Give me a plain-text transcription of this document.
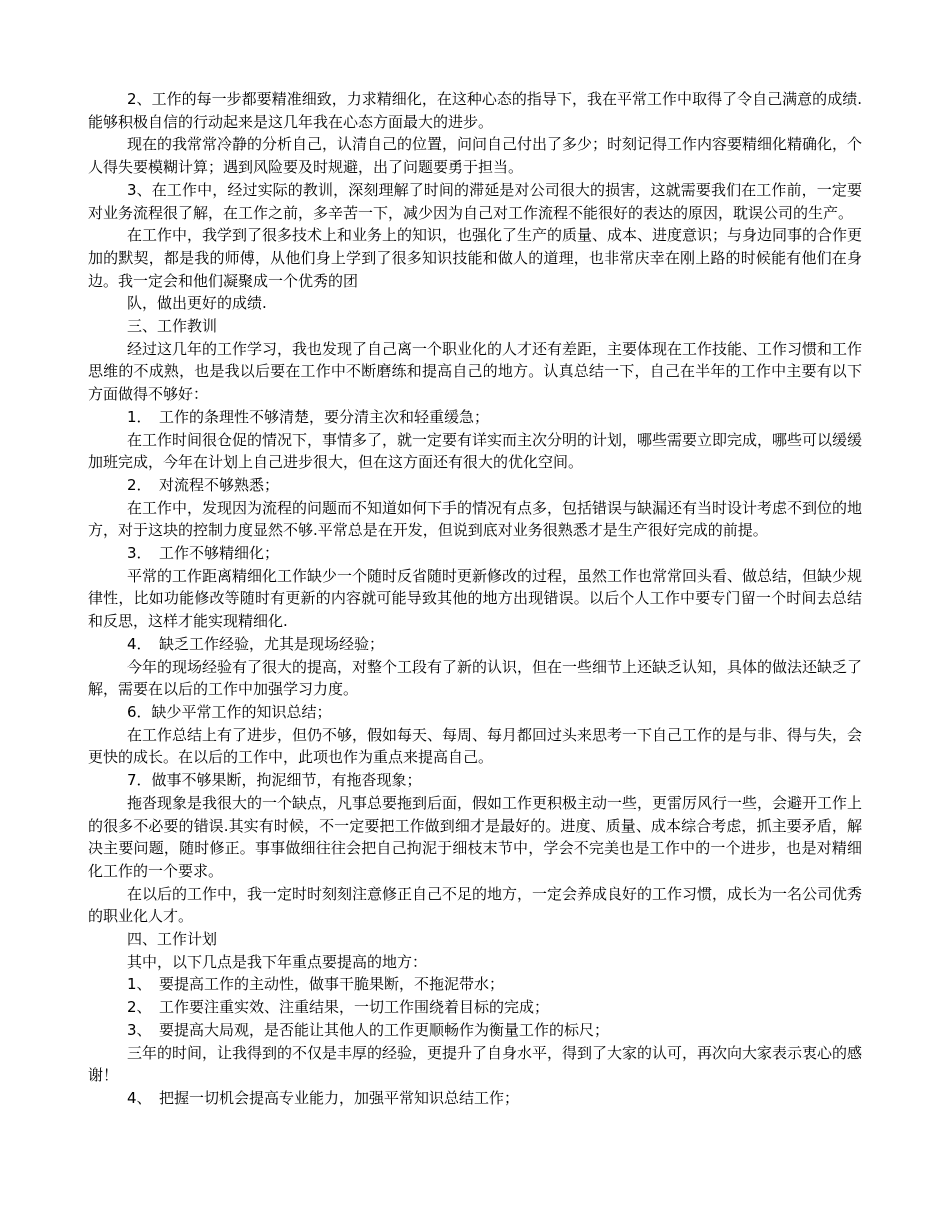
2、工作的每一步都要精准细致，力求精细化，在这种心态的指导下，我在平常工作中取得了令自己满意的成绩.能够积极自信的行动起来是这几年我在心态方面最大的进步。

现在的我常常冷静的分析自己，认清自己的位置，问问自己付出了多少；时刻记得工作内容要精细化精确化，个人得失要模糊计算；遇到风险要及时规避，出了问题要勇于担当。

3、在工作中，经过实际的教训，深刻理解了时间的滞延是对公司很大的损害，这就需要我们在工作前，一定要对业务流程很了解，在工作之前，多辛苦一下，减少因为自己对工作流程不能很好的表达的原因，耽误公司的生产。

在工作中，我学到了很多技术上和业务上的知识，也强化了生产的质量、成本、进度意识；与身边同事的合作更加的默契，都是我的师傅，从他们身上学到了很多知识技能和做人的道理，也非常庆幸在刚上路的时候能有他们在身边。我一定会和他们凝聚成一个优秀的团

队，做出更好的成绩.

三、工作教训

经过这几年的工作学习，我也发现了自己离一个职业化的人才还有差距，主要体现在工作技能、工作习惯和工作思维的不成熟，也是我以后要在工作中不断磨练和提高自己的地方。认真总结一下，自己在半年的工作中主要有以下方面做得不够好：

1．　工作的条理性不够清楚，要分清主次和轻重缓急；

在工作时间很仓促的情况下，事情多了，就一定要有详实而主次分明的计划，哪些需要立即完成，哪些可以缓缓加班完成，今年在计划上自己进步很大，但在这方面还有很大的优化空间。

2．　对流程不够熟悉；

在工作中，发现因为流程的问题而不知道如何下手的情况有点多，包括错误与缺漏还有当时设计考虑不到位的地方，对于这块的控制力度显然不够.平常总是在开发，但说到底对业务很熟悉才是生产很好完成的前提。

3．　工作不够精细化；

平常的工作距离精细化工作缺少一个随时反省随时更新修改的过程，虽然工作也常常回头看、做总结，但缺少规律性，比如功能修改等随时有更新的内容就可能导致其他的地方出现错误。以后个人工作中要专门留一个时间去总结和反思，这样才能实现精细化.

4．　缺乏工作经验，尤其是现场经验；

今年的现场经验有了很大的提高，对整个工段有了新的认识，但在一些细节上还缺乏认知，具体的做法还缺乏了解，需要在以后的工作中加强学习力度。

6．缺少平常工作的知识总结；

在工作总结上有了进步，但仍不够，假如每天、每周、每月都回过头来思考一下自己工作的是与非、得与失，会更快的成长。在以后的工作中，此项也作为重点来提高自己。

7．做事不够果断，拘泥细节，有拖沓现象；

拖沓现象是我很大的一个缺点，凡事总要拖到后面，假如工作更积极主动一些，更雷厉风行一些，会避开工作上的很多不必要的错误.其实有时候，不一定要把工作做到细才是最好的。进度、质量、成本综合考虑，抓主要矛盾，解决主要问题，随时修正。事事做细往往会把自己拘泥于细枝末节中，学会不完美也是工作中的一个进步，也是对精细化工作的一个要求。

在以后的工作中，我一定时时刻刻注意修正自己不足的地方，一定会养成良好的工作习惯，成长为一名公司优秀的职业化人才。

四、工作计划

其中，以下几点是我下年重点要提高的地方：

1、　要提高工作的主动性，做事干脆果断，不拖泥带水；

2、　工作要注重实效、注重结果，一切工作围绕着目标的完成；

3、　要提高大局观，是否能让其他人的工作更顺畅作为衡量工作的标尺；

三年的时间，让我得到的不仅是丰厚的经验，更提升了自身水平，得到了大家的认可，再次向大家表示衷心的感谢！

4、　把握一切机会提高专业能力，加强平常知识总结工作；
